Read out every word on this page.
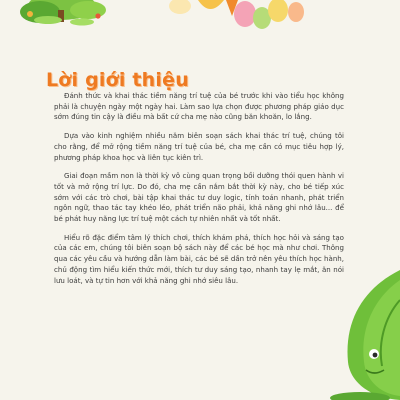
Lời giới thiệu

Đánh thức và khai thác tiềm năng trí tuệ của bé trước khi vào tiểu học không phải là chuyện ngày một ngày hai. Làm sao lựa chọn được phương pháp giáo dục sớm đúng tin cậy là điều mà bất cứ cha mẹ nào cũng băn khoăn, lo lắng.

Dựa vào kinh nghiệm nhiều năm biên soạn sách khai thác trí tuệ, chúng tôi cho rằng, để mở rộng tiềm năng trí tuệ của bé, cha mẹ cần có mục tiêu hợp lý, phương pháp khoa học và liên tục kiên trì.

Giai đoạn mầm non là thời kỳ vô cùng quan trọng bồi dưỡng thói quen hành vi tốt và mở rộng trí lực. Do đó, cha mẹ cần nắm bắt thời kỳ này, cho bé tiếp xúc sớm với các trò chơi, bài tập khai thác tư duy logic, tính toán nhanh, phát triển ngôn ngữ, thao tác tay khéo léo, phát triển não phải, khả năng ghi nhớ lâu... để bé phát huy năng lực trí tuệ một cách tự nhiên nhất và tốt nhất.

Hiểu rõ đặc điểm tâm lý thích chơi, thích khám phá, thích học hỏi và sáng tạo của các em, chúng tôi biên soạn bộ sách này để các bé học mà như chơi. Thông qua các yêu cầu và hướng dẫn làm bài, các bé sẽ dần trở nên yêu thích học hành, chủ động tìm hiểu kiến thức mới, thích tư duy sáng tạo, nhanh tay lẹ mắt, ăn nói lưu loát, và tự tin hơn với khả năng ghi nhớ siêu lâu.
